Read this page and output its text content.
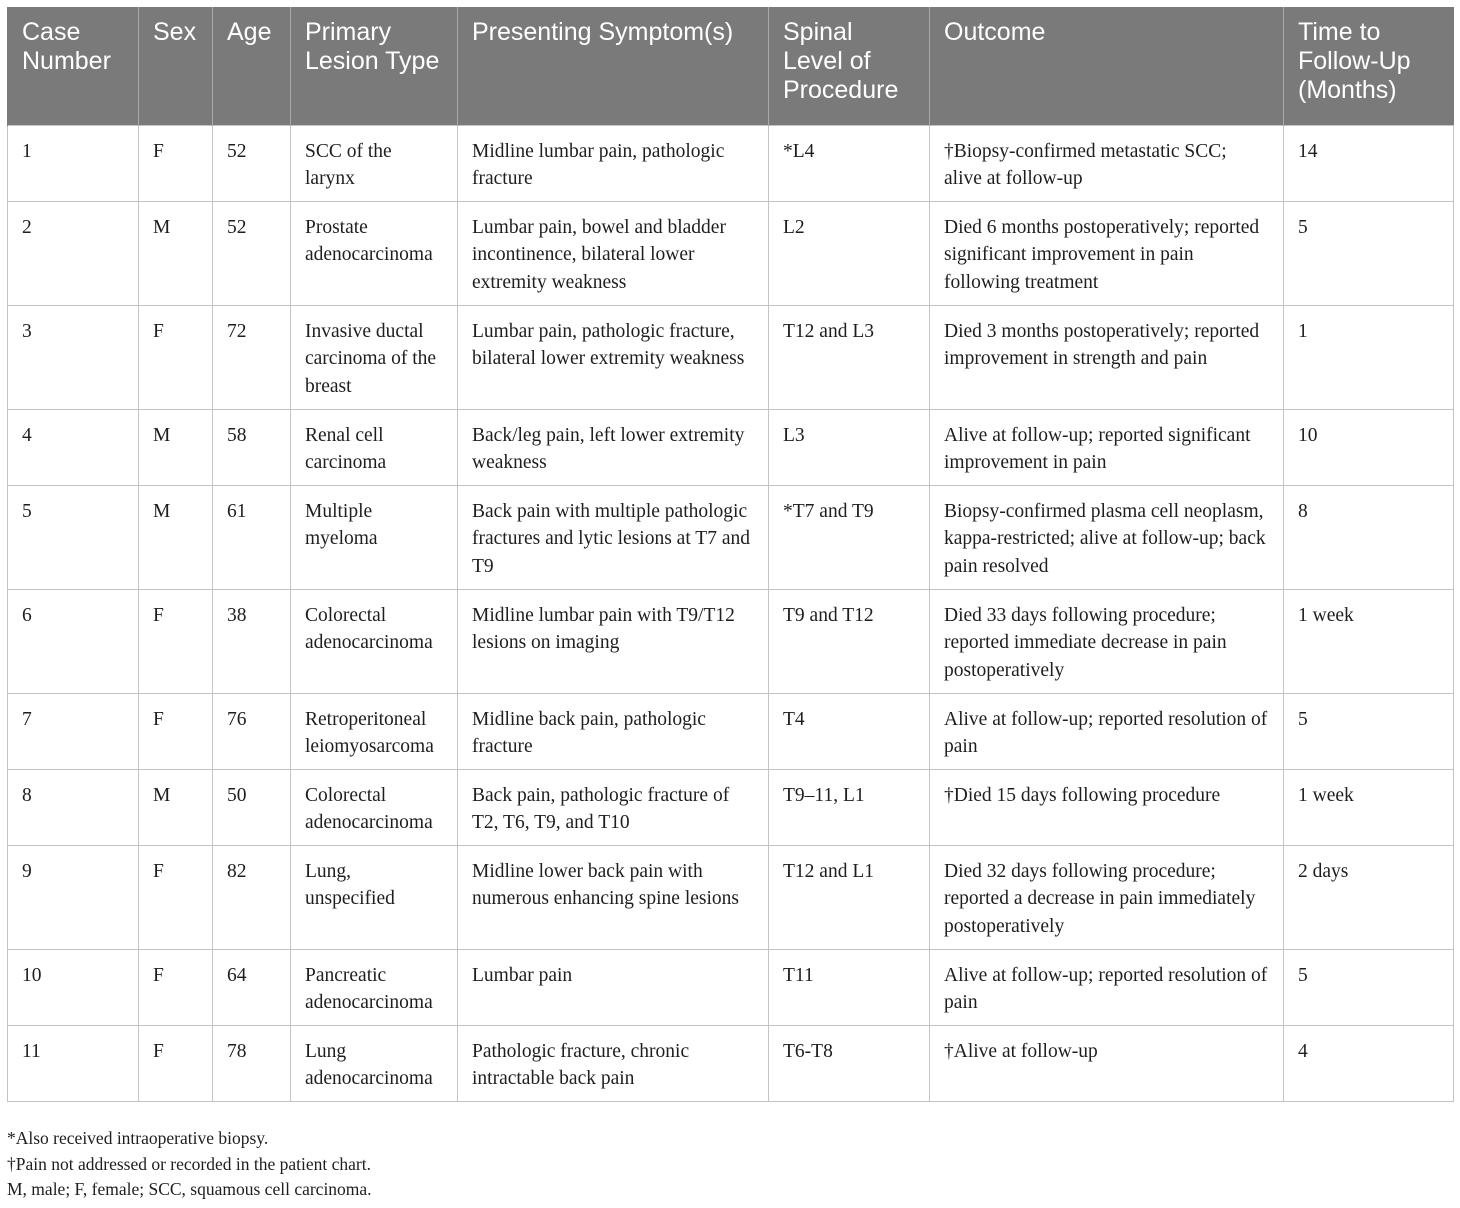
Case Number	Sex	Age	Primary Lesion Type	Presenting Symptom(s)	Spinal Level of Procedure	Outcome	Time to Follow-Up (Months)
1	F	52	SCC of the larynx	Midline lumbar pain, pathologic fracture	*L4	†Biopsy-confirmed metastatic SCC; alive at follow-up	14
2	M	52	Prostate adenocarcinoma	Lumbar pain, bowel and bladder incontinence, bilateral lower extremity weakness	L2	Died 6 months postoperatively; reported significant improvement in pain following treatment	5
3	F	72	Invasive ductal carcinoma of the breast	Lumbar pain, pathologic fracture, bilateral lower extremity weakness	T12 and L3	Died 3 months postoperatively; reported improvement in strength and pain	1
4	M	58	Renal cell carcinoma	Back/leg pain, left lower extremity weakness	L3	Alive at follow-up; reported significant improvement in pain	10
5	M	61	Multiple myeloma	Back pain with multiple pathologic fractures and lytic lesions at T7 and T9	*T7 and T9	Biopsy-confirmed plasma cell neoplasm, kappa-restricted; alive at follow-up; back pain resolved	8
6	F	38	Colorectal adenocarcinoma	Midline lumbar pain with T9/T12 lesions on imaging	T9 and T12	Died 33 days following procedure; reported immediate decrease in pain postoperatively	1 week
7	F	76	Retroperitoneal leiomyosarcoma	Midline back pain, pathologic fracture	T4	Alive at follow-up; reported resolution of pain	5
8	M	50	Colorectal adenocarcinoma	Back pain, pathologic fracture of T2, T6, T9, and T10	T9–11, L1	†Died 15 days following procedure	1 week
9	F	82	Lung, unspecified	Midline lower back pain with numerous enhancing spine lesions	T12 and L1	Died 32 days following procedure; reported a decrease in pain immediately postoperatively	2 days
10	F	64	Pancreatic adenocarcinoma	Lumbar pain	T11	Alive at follow-up; reported resolution of pain	5
11	F	78	Lung adenocarcinoma	Pathologic fracture, chronic intractable back pain	T6-T8	†Alive at follow-up	4
*Also received intraoperative biopsy.
†Pain not addressed or recorded in the patient chart.
M, male; F, female; SCC, squamous cell carcinoma.
